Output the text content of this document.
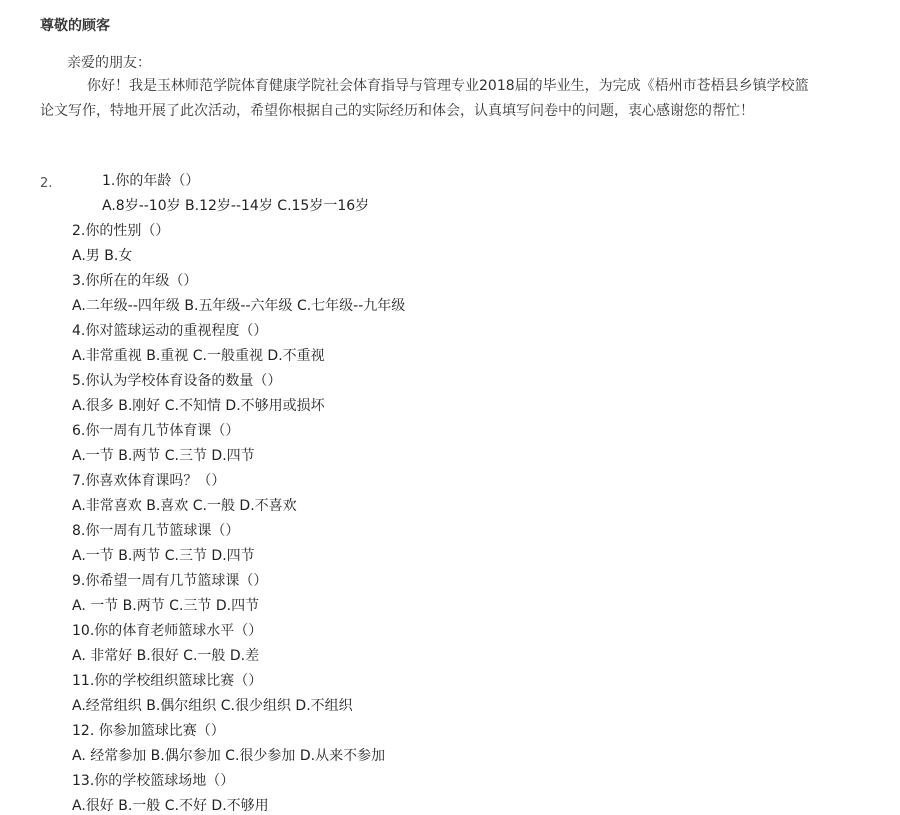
尊敬的顾客
亲爱的朋友：
你好！我是玉林师范学院体育健康学院社会体育指导与管理专业2018届的毕业生，为完成《梧州市苍梧县乡镇学校篮
论文写作，特地开展了此次活动，希望你根据自己的实际经历和体会，认真填写问卷中的问题，衷心感谢您的帮忙！
2.	1.你的年龄（）
A.8岁--10岁 B.12岁--14岁 C.15岁一16岁
2.你的性别（）
A.男 B.女
3.你所在的年级（）
A.二年级--四年级 B.五年级--六年级 C.七年级--九年级
4.你对篮球运动的重视程度（）
A.非常重视 B.重视 C.一般重视 D.不重视
5.你认为学校体育设备的数量（）
A.很多 B.刚好 C.不知情 D.不够用或损坏
6.你一周有几节体育课（）
A.一节 B.两节 C.三节 D.四节
7.你喜欢体育课吗？（）
A.非常喜欢 B.喜欢 C.一般 D.不喜欢
8.你一周有几节篮球课（）
A.一节 B.两节 C.三节 D.四节
9.你希望一周有几节篮球课（）
A. 一节 B.两节 C.三节 D.四节
10.你的体育老师篮球水平（）
A. 非常好 B.很好 C.一般 D.差
11.你的学校组织篮球比赛（）
A.经常组织 B.偶尔组织 C.很少组织 D.不组织
12. 你参加篮球比赛（）
A. 经常参加 B.偶尔参加 C.很少参加 D.从来不参加
13.你的学校篮球场地（）
A.很好 B.一般 C.不好 D.不够用
